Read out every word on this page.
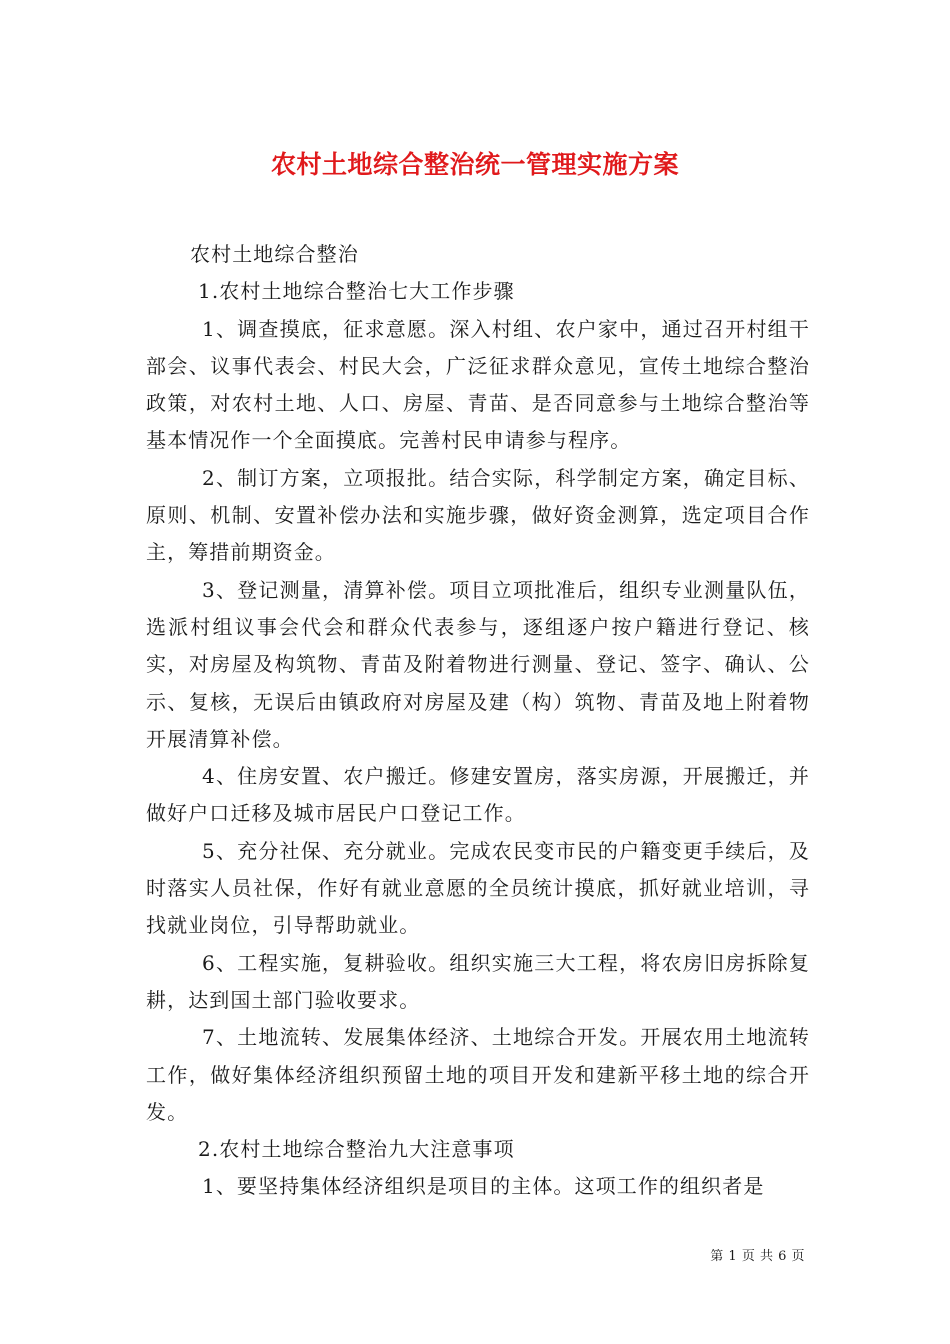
农村土地综合整治统一管理实施方案

农村土地综合整治

1.农村土地综合整治七大工作步骤

1、调查摸底，征求意愿。深入村组、农户家中，通过召开村组干部会、议事代表会、村民大会，广泛征求群众意见，宣传土地综合整治政策，对农村土地、人口、房屋、青苗、是否同意参与土地综合整治等基本情况作一个全面摸底。完善村民申请参与程序。

2、制订方案，立项报批。结合实际，科学制定方案，确定目标、原则、机制、安置补偿办法和实施步骤，做好资金测算，选定项目合作主，筹措前期资金。

3、登记测量，清算补偿。项目立项批准后，组织专业测量队伍，选派村组议事会代会和群众代表参与，逐组逐户按户籍进行登记、核实，对房屋及构筑物、青苗及附着物进行测量、登记、签字、确认、公示、复核，无误后由镇政府对房屋及建（构）筑物、青苗及地上附着物开展清算补偿。

4、住房安置、农户搬迁。修建安置房，落实房源，开展搬迁，并做好户口迁移及城市居民户口登记工作。

5、充分社保、充分就业。完成农民变市民的户籍变更手续后，及时落实人员社保，作好有就业意愿的全员统计摸底，抓好就业培训，寻找就业岗位，引导帮助就业。

6、工程实施，复耕验收。组织实施三大工程，将农房旧房拆除复耕，达到国土部门验收要求。

7、土地流转、发展集体经济、土地综合开发。开展农用土地流转工作，做好集体经济组织预留土地的项目开发和建新平移土地的综合开发。

2.农村土地综合整治九大注意事项

1、要坚持集体经济组织是项目的主体。这项工作的组织者是

第 1 页 共 6 页
